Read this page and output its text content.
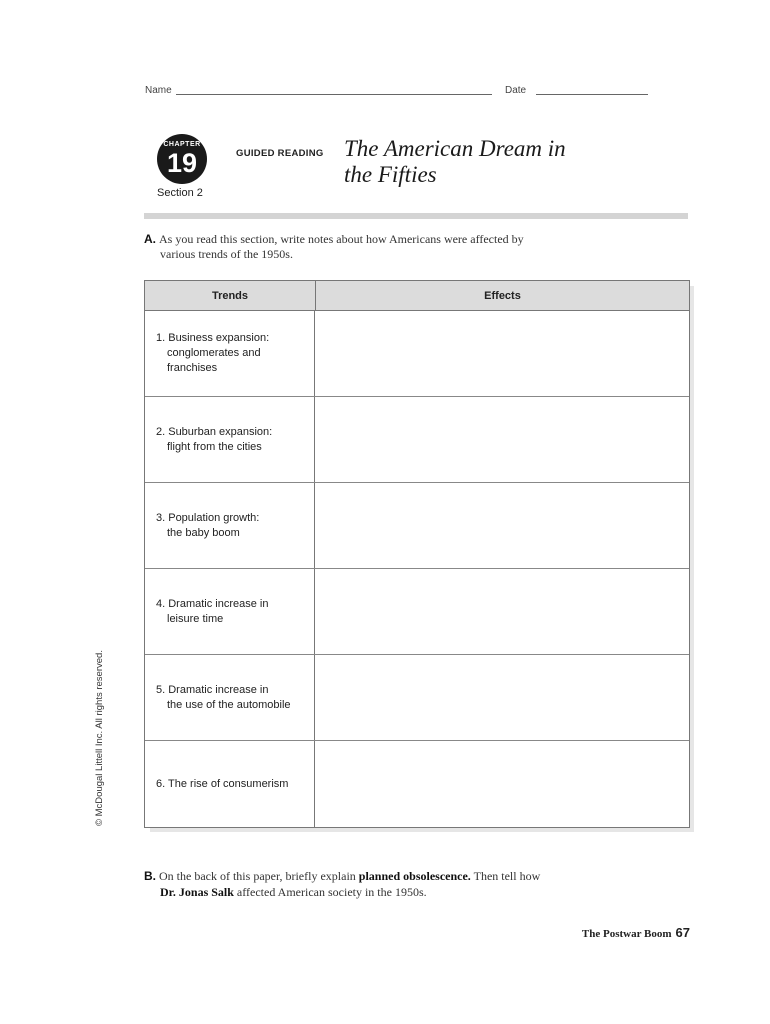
Name	Date
CHAPTER
19
Section 2
GUIDED READING The American Dream in
the Fifties
A. As you read this section, write notes about how Americans were affected by
various trends of the 1950s.
Trends	Effects
1. Business expansion:
conglomerates and
franchises
2. Suburban expansion:
flight from the cities
3. Population growth:
the baby boom
4. Dramatic increase in
leisure time
5. Dramatic increase in
the use of the automobile
6. The rise of consumerism
© McDougal Littell Inc. All rights reserved.
B. On the back of this paper, briefly explain planned obsolescence. Then tell how
Dr. Jonas Salk affected American society in the 1950s.
The Postwar Boom 67
